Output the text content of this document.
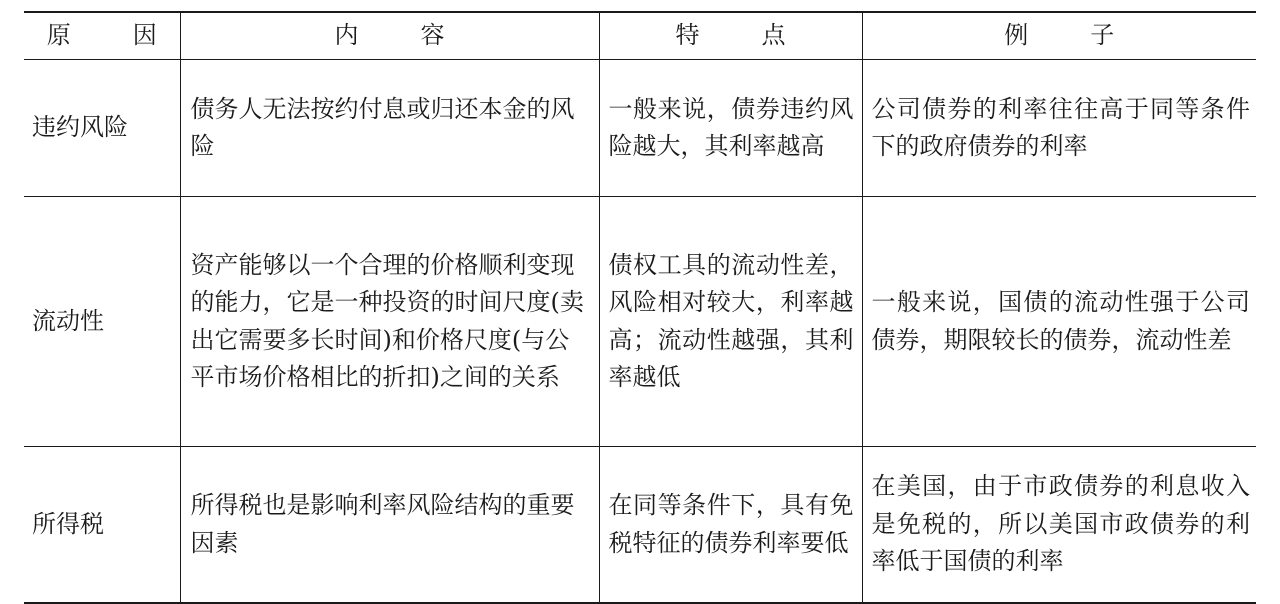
原 因	内 容	特 点	例 子

违约风险	债务人无法按约付息或归还本金的风险	一般来说，债券违约风险越大，其利率越高	公司债券的利率往往高于同等条件下的政府债券的利率
流动性	资产能够以一个合理的价格顺利变现的能力，它是一种投资的时间尺度(卖出它需要多长时间)和价格尺度(与公平市场价格相比的折扣)之间的关系	债权工具的流动性差，风险相对较大，利率越高；流动性越强，其利率越低	一般来说，国债的流动性强于公司债券，期限较长的债券，流动性差
所得税	所得税也是影响利率风险结构的重要因素	在同等条件下，具有免税特征的债券利率要低	在美国，由于市政债券的利息收入是免税的，所以美国市政债券的利率低于国债的利率
